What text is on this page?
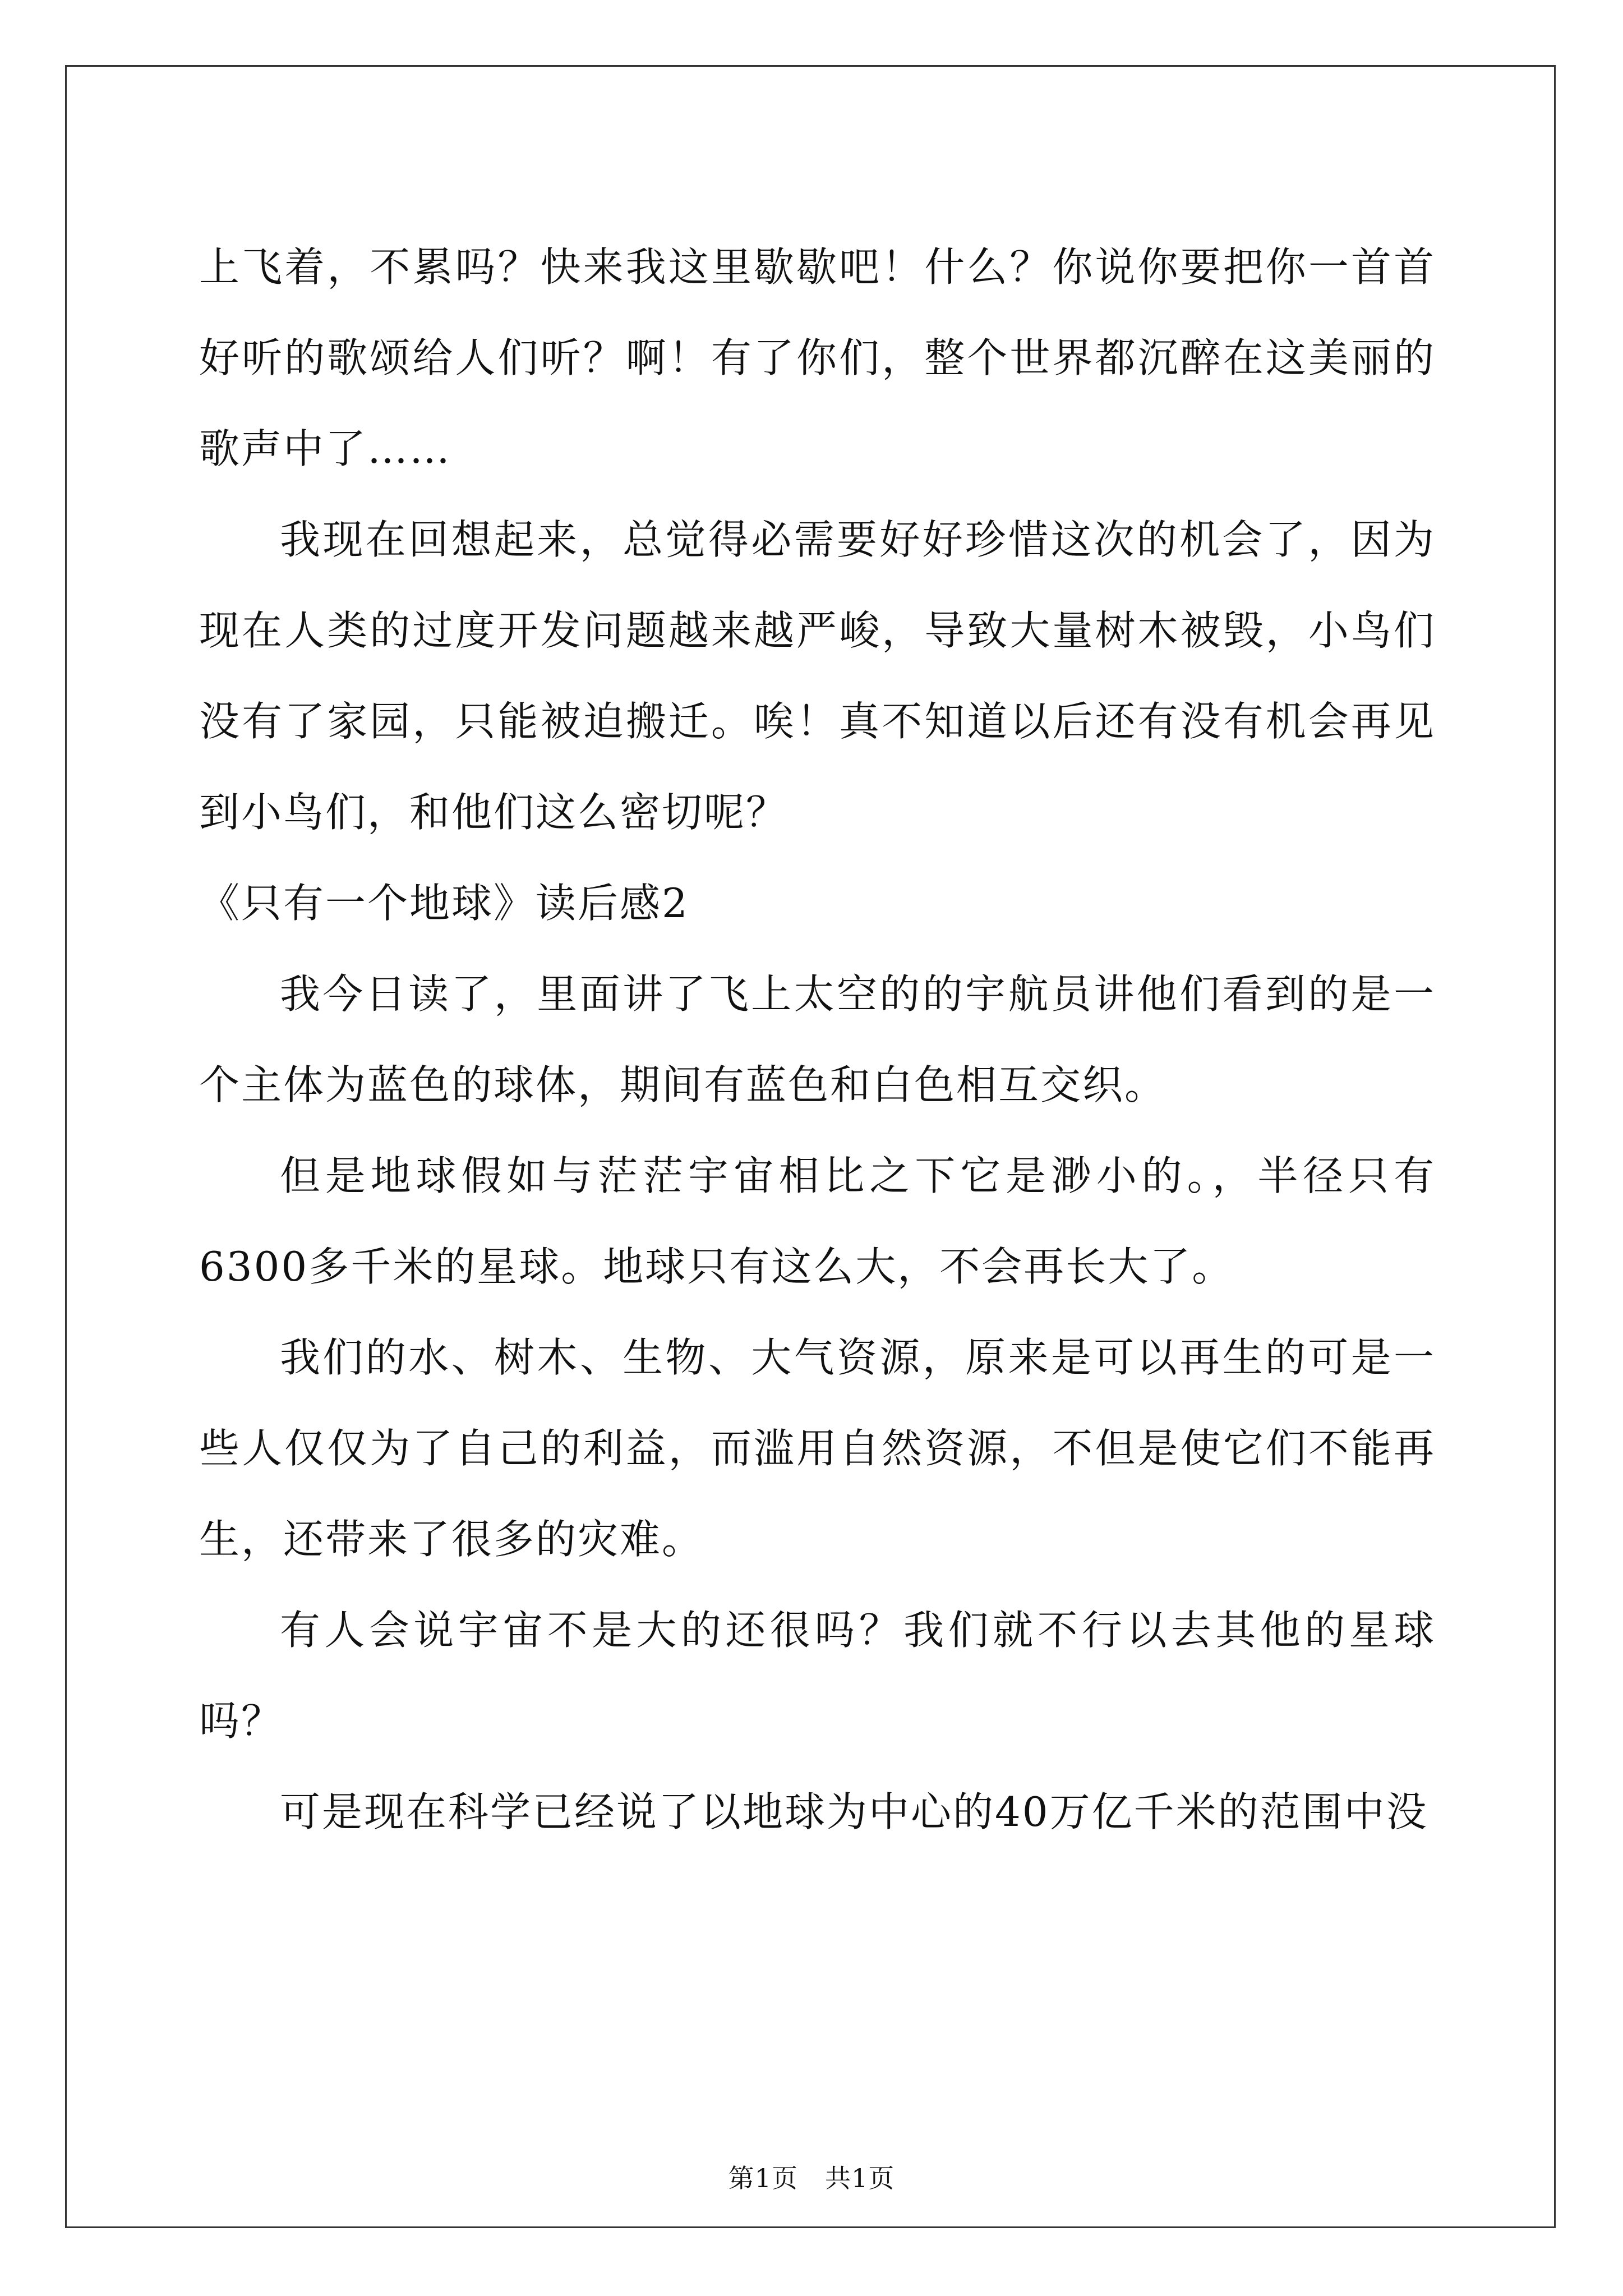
上飞着，不累吗？快来我这里歇歇吧！什么？你说你要把你一首首好听的歌颂给人们听？啊！有了你们，整个世界都沉醉在这美丽的歌声中了……

我现在回想起来，总觉得必需要好好珍惜这次的机会了，因为现在人类的过度开发问题越来越严峻，导致大量树木被毁，小鸟们没有了家园，只能被迫搬迁。唉！真不知道以后还有没有机会再见到小鸟们，和他们这么密切呢？

《只有一个地球》读后感2

我今日读了，里面讲了飞上太空的的宇航员讲他们看到的是一个主体为蓝色的球体，期间有蓝色和白色相互交织。

但是地球假如与茫茫宇宙相比之下它是渺小的。，半径只有6300多千米的星球。地球只有这么大，不会再长大了。

我们的水、树木、生物、大气资源，原来是可以再生的可是一些人仅仅为了自己的利益，而滥用自然资源，不但是使它们不能再生，还带来了很多的灾难。

有人会说宇宙不是大的还很吗？我们就不行以去其他的星球吗？

可是现在科学已经说了以地球为中心的40万亿千米的范围中没

第1页 共1页
